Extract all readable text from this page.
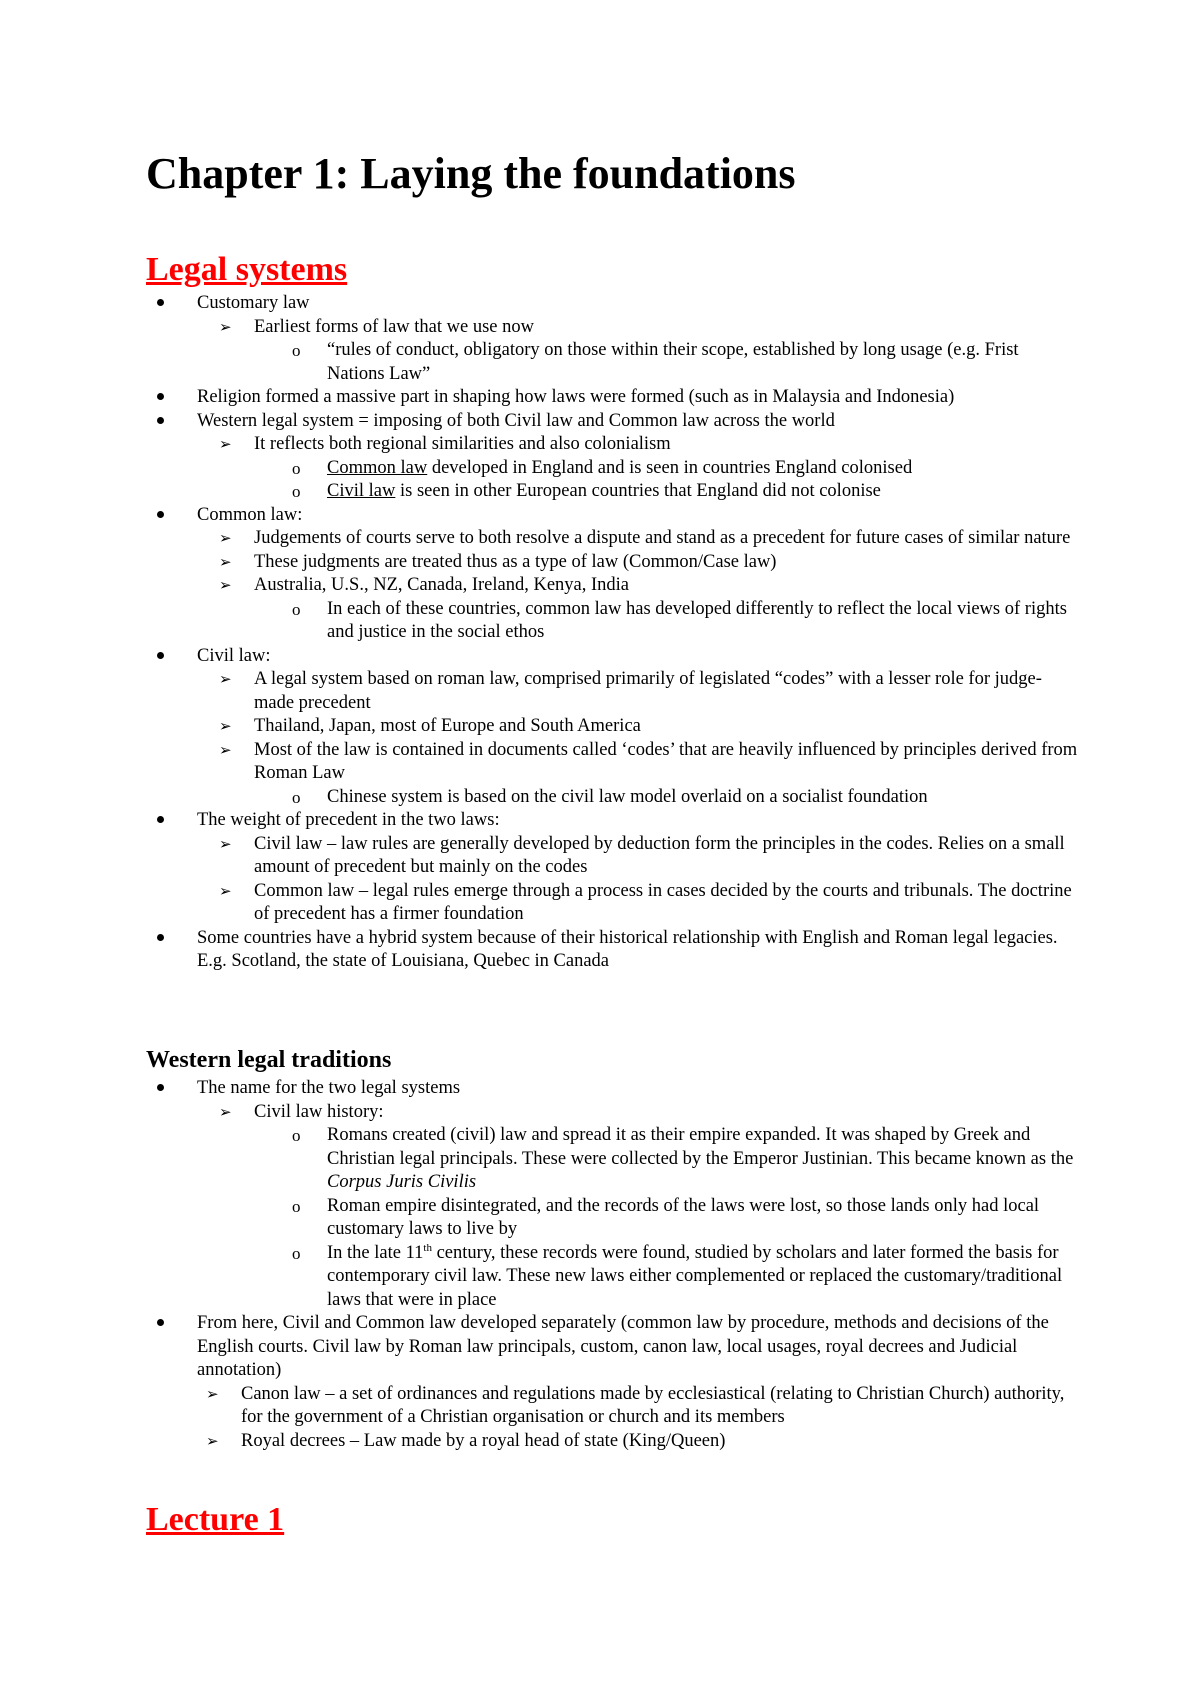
Chapter 1: Laying the foundations
Legal systems
Customary law
➢ Earliest forms of law that we use now
o “rules of conduct, obligatory on those within their scope, established by long usage (e.g. Frist Nations Law”
Religion formed a massive part in shaping how laws were formed (such as in Malaysia and Indonesia)
Western legal system = imposing of both Civil law and Common law across the world
➢ It reflects both regional similarities and also colonialism
o Common law developed in England and is seen in countries England colonised
o Civil law is seen in other European countries that England did not colonise
Common law:
➢ Judgements of courts serve to both resolve a dispute and stand as a precedent for future cases of similar nature
➢ These judgments are treated thus as a type of law (Common/Case law)
➢ Australia, U.S., NZ, Canada, Ireland, Kenya, India
o In each of these countries, common law has developed differently to reflect the local views of rights and justice in the social ethos
Civil law:
➢ A legal system based on roman law, comprised primarily of legislated “codes” with a lesser role for judge-made precedent
➢ Thailand, Japan, most of Europe and South America
➢ Most of the law is contained in documents called ‘codes’ that are heavily influenced by principles derived from Roman Law
o Chinese system is based on the civil law model overlaid on a socialist foundation
The weight of precedent in the two laws:
➢ Civil law – law rules are generally developed by deduction form the principles in the codes. Relies on a small amount of precedent but mainly on the codes
➢ Common law – legal rules emerge through a process in cases decided by the courts and tribunals. The doctrine of precedent has a firmer foundation
Some countries have a hybrid system because of their historical relationship with English and Roman legal legacies. E.g. Scotland, the state of Louisiana, Quebec in Canada
Western legal traditions
The name for the two legal systems
➢ Civil law history:
o Romans created (civil) law and spread it as their empire expanded. It was shaped by Greek and Christian legal principals. These were collected by the Emperor Justinian. This became known as the Corpus Juris Civilis
o Roman empire disintegrated, and the records of the laws were lost, so those lands only had local customary laws to live by
o In the late 11th century, these records were found, studied by scholars and later formed the basis for contemporary civil law. These new laws either complemented or replaced the customary/traditional laws that were in place
From here, Civil and Common law developed separately (common law by procedure, methods and decisions of the English courts. Civil law by Roman law principals, custom, canon law, local usages, royal decrees and Judicial annotation)
➢ Canon law – a set of ordinances and regulations made by ecclesiastical (relating to Christian Church) authority, for the government of a Christian organisation or church and its members
➢ Royal decrees – Law made by a royal head of state (King/Queen)
Lecture 1
